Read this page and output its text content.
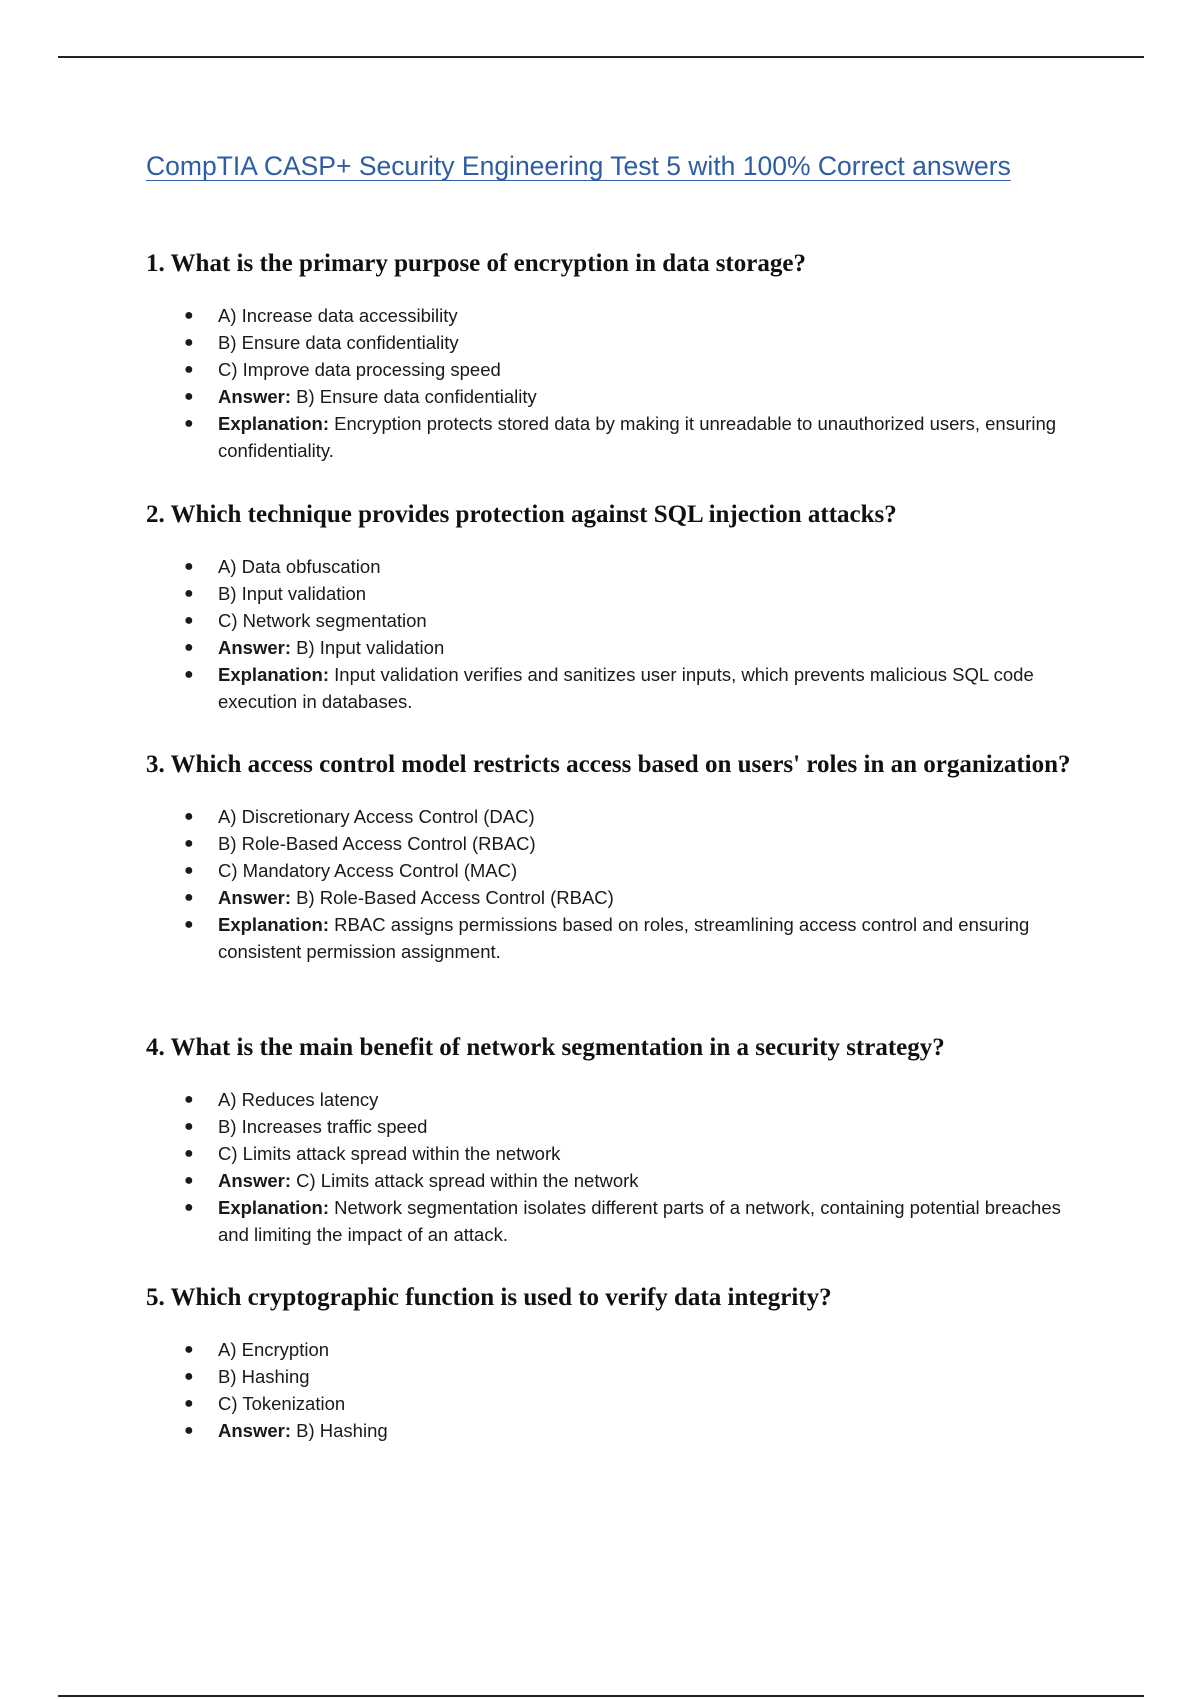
CompTIA CASP+ Security Engineering Test 5 with 100% Correct answers
1. What is the primary purpose of encryption in data storage?
● A) Increase data accessibility
● B) Ensure data confidentiality
● C) Improve data processing speed
● Answer: B) Ensure data confidentiality
● Explanation: Encryption protects stored data by making it unreadable to unauthorized users, ensuring confidentiality.
2. Which technique provides protection against SQL injection attacks?
● A) Data obfuscation
● B) Input validation
● C) Network segmentation
● Answer: B) Input validation
● Explanation: Input validation verifies and sanitizes user inputs, which prevents malicious SQL code execution in databases.
3. Which access control model restricts access based on users' roles in an organization?
● A) Discretionary Access Control (DAC)
● B) Role-Based Access Control (RBAC)
● C) Mandatory Access Control (MAC)
● Answer: B) Role-Based Access Control (RBAC)
● Explanation: RBAC assigns permissions based on roles, streamlining access control and ensuring consistent permission assignment.
4. What is the main benefit of network segmentation in a security strategy?
● A) Reduces latency
● B) Increases traffic speed
● C) Limits attack spread within the network
● Answer: C) Limits attack spread within the network
● Explanation: Network segmentation isolates different parts of a network, containing potential breaches and limiting the impact of an attack.
5. Which cryptographic function is used to verify data integrity?
● A) Encryption
● B) Hashing
● C) Tokenization
● Answer: B) Hashing
